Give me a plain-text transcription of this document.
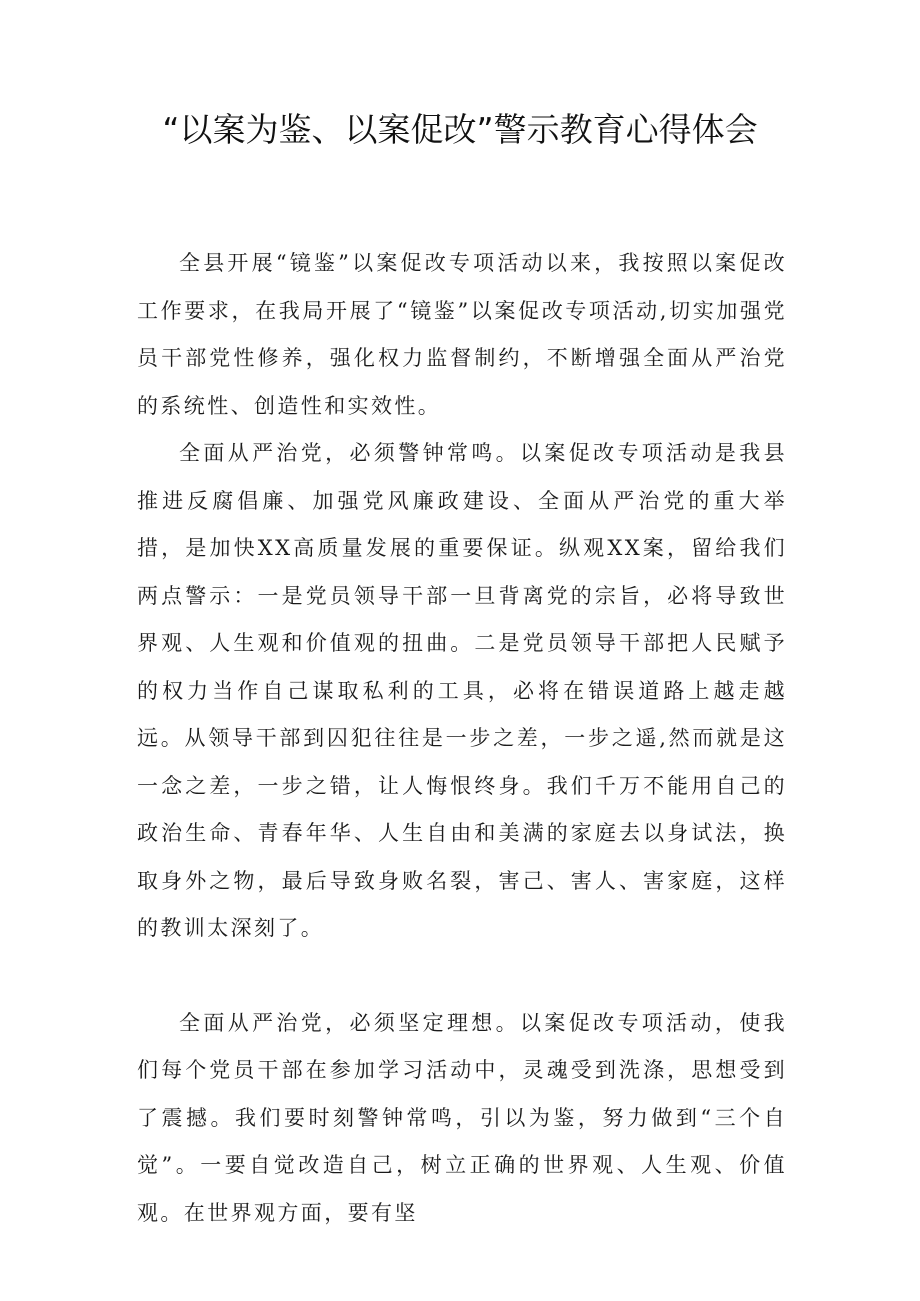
“以案为鉴、以案促改”警示教育心得体会

全县开展“镜鉴”以案促改专项活动以来，我按照以案促改工作要求，在我局开展了“镜鉴”以案促改专项活动,切实加强党员干部党性修养，强化权力监督制约，不断增强全面从严治党的系统性、创造性和实效性。

全面从严治党，必须警钟常鸣。以案促改专项活动是我县推进反腐倡廉、加强党风廉政建设、全面从严治党的重大举措，是加快XX高质量发展的重要保证。纵观XX案，留给我们两点警示：一是党员领导干部一旦背离党的宗旨，必将导致世界观、人生观和价值观的扭曲。二是党员领导干部把人民赋予的权力当作自己谋取私利的工具，必将在错误道路上越走越远。从领导干部到囚犯往往是一步之差，一步之遥,然而就是这一念之差，一步之错，让人悔恨终身。我们千万不能用自己的政治生命、青春年华、人生自由和美满的家庭去以身试法，换取身外之物，最后导致身败名裂，害己、害人、害家庭，这样的教训太深刻了。

全面从严治党，必须坚定理想。以案促改专项活动，使我们每个党员干部在参加学习活动中，灵魂受到洗涤，思想受到了震撼。我们要时刻警钟常鸣，引以为鉴，努力做到“三个自觉”。一要自觉改造自己，树立正确的世界观、人生观、价值观。在世界观方面，要有坚
